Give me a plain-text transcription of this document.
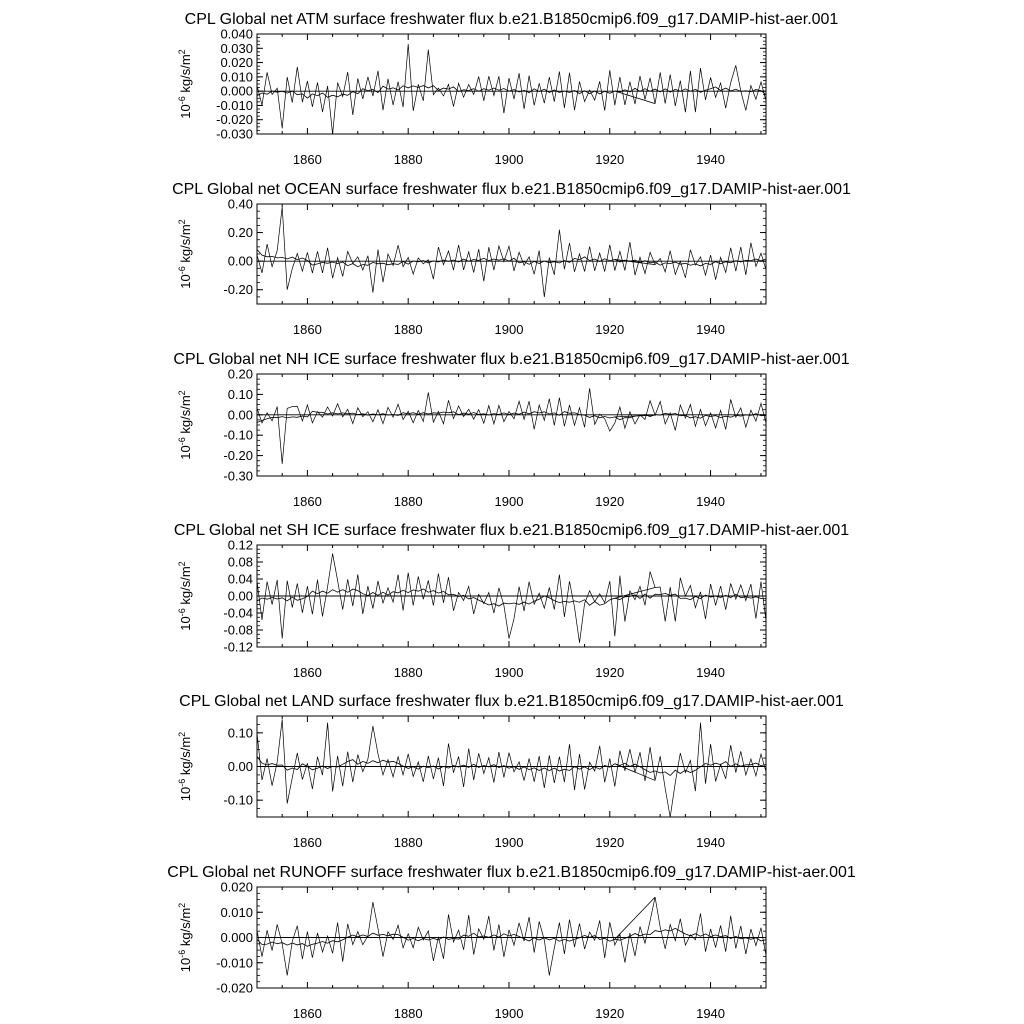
CPL Global net ATM surface freshwater flux b.e21.B1850cmip6.f09_g17.DAMIP-hist-aer.001
1860	1880	1900	1920	1940
0.040
0.030
0.020
0.010
0.000
-0.010
-0.020
-0.030
$10^{-6}$ $kg/s/m^2$
CPL Global net OCEAN surface freshwater flux b.e21.B1850cmip6.f09_g17.DAMIP-hist-aer.001
1860	1880	1900	1920	1940
0.40
0.20
0.00
-0.20
$10^{-6}$ $kg/s/m^2$
CPL Global net NH ICE surface freshwater flux b.e21.B1850cmip6.f09_g17.DAMIP-hist-aer.001
1860	1880	1900	1920	1940
0.20
0.10
0.00
-0.10
-0.20
-0.30
$10^{-6}$ $kg/s/m^2$
CPL Global net SH ICE surface freshwater flux b.e21.B1850cmip6.f09_g17.DAMIP-hist-aer.001
1860	1880	1900	1920	1940
0.12
0.08
0.04
0.00
-0.04
-0.08
-0.12
$10^{-6}$ $kg/s/m^2$
CPL Global net LAND surface freshwater flux b.e21.B1850cmip6.f09_g17.DAMIP-hist-aer.001
1860	1880	1900	1920	1940
0.10
0.00
-0.10
$10^{-6}$ $kg/s/m^2$
CPL Global net RUNOFF surface freshwater flux b.e21.B1850cmip6.f09_g17.DAMIP-hist-aer.001
1860	1880	1900	1920	1940
0.020
0.010
0.000
-0.010
-0.020
$10^{-6}$ $kg/s/m^2$
